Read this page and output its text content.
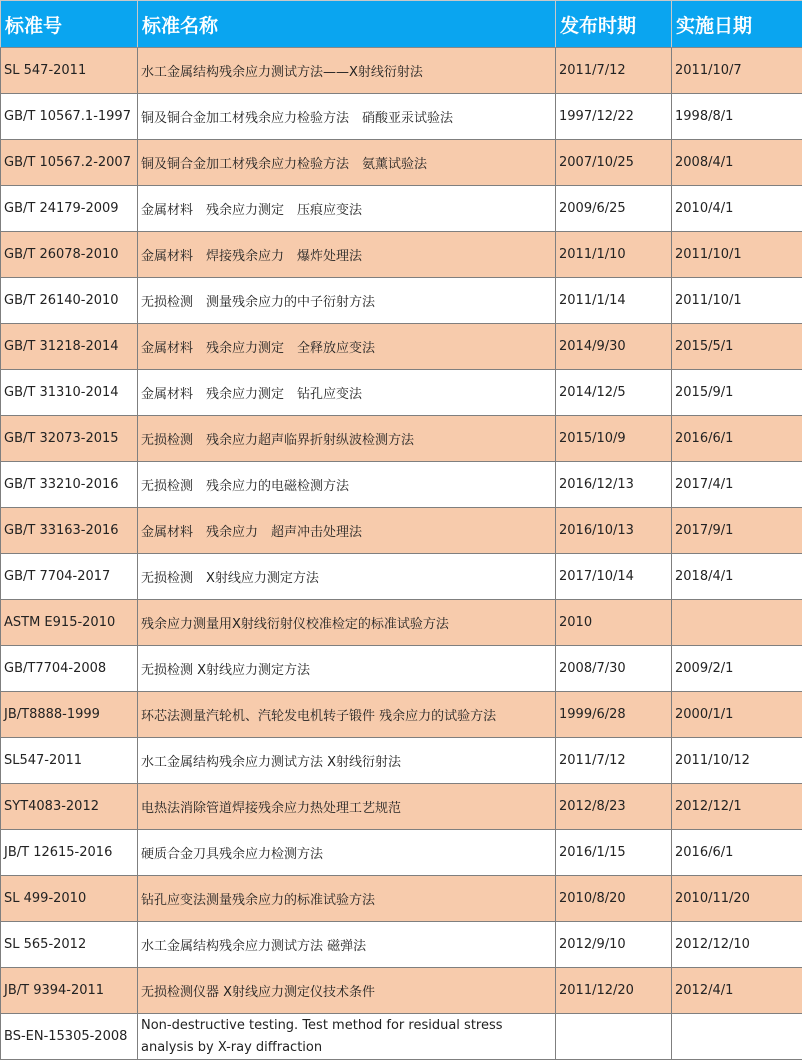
标准号	标准名称	发布时期	实施日期
SL 547-2011	水工金属结构残余应力测试方法——X射线衍射法	2011/7/12	2011/10/7
GB/T 10567.1-1997	铜及铜合金加工材残余应力检验方法　硝酸亚汞试验法	1997/12/22	1998/8/1
GB/T 10567.2-2007	铜及铜合金加工材残余应力检验方法　氨薰试验法	2007/10/25	2008/4/1
GB/T 24179-2009	金属材料　残余应力测定　压痕应变法	2009/6/25	2010/4/1
GB/T 26078-2010	金属材料　焊接残余应力　爆炸处理法	2011/1/10	2011/10/1
GB/T 26140-2010	无损检测　测量残余应力的中子衍射方法	2011/1/14	2011/10/1
GB/T 31218-2014	金属材料　残余应力测定　全释放应变法	2014/9/30	2015/5/1
GB/T 31310-2014	金属材料　残余应力测定　钻孔应变法	2014/12/5	2015/9/1
GB/T 32073-2015	无损检测　残余应力超声临界折射纵波检测方法	2015/10/9	2016/6/1
GB/T 33210-2016	无损检测　残余应力的电磁检测方法	2016/12/13	2017/4/1
GB/T 33163-2016	金属材料　残余应力　超声冲击处理法	2016/10/13	2017/9/1
GB/T 7704-2017	无损检测　X射线应力测定方法	2017/10/14	2018/4/1
ASTM E915-2010	残余应力测量用X射线衍射仪校准检定的标准试验方法	2010	
GB/T7704-2008	无损检测 X射线应力测定方法	2008/7/30	2009/2/1
JB/T8888-1999	环芯法测量汽轮机、汽轮发电机转子锻件 残余应力的试验方法	1999/6/28	2000/1/1
SL547-2011	水工金属结构残余应力测试方法 X射线衍射法	2011/7/12	2011/10/12
SYT4083-2012	电热法消除管道焊接残余应力热处理工艺规范	2012/8/23	2012/12/1
JB/T 12615-2016	硬质合金刀具残余应力检测方法	2016/1/15	2016/6/1
SL 499-2010	钻孔应变法测量残余应力的标准试验方法	2010/8/20	2010/11/20
SL 565-2012	水工金属结构残余应力测试方法 磁弹法	2012/9/10	2012/12/10
JB/T 9394-2011	无损检测仪器 X射线应力测定仪技术条件	2011/12/20	2012/4/1
BS-EN-15305-2008	Non-destructive testing. Test method for residual stress analysis by X-ray diffraction		
